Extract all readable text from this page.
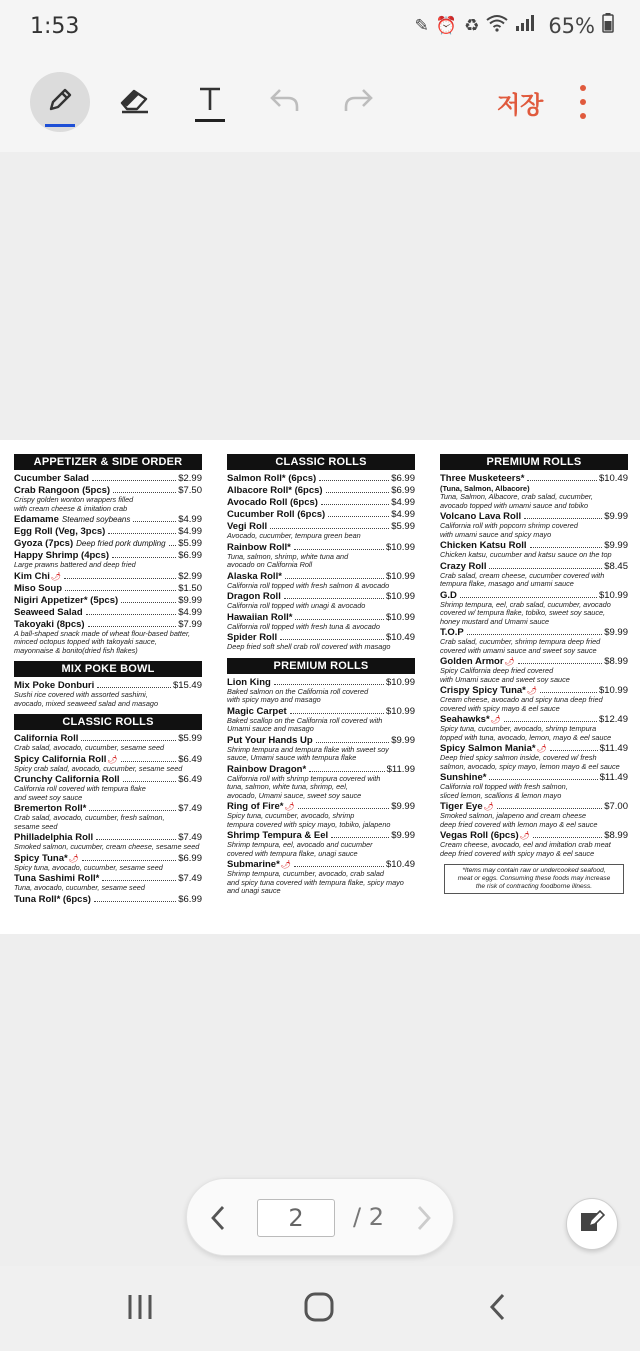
1:53	✎ ⏰ ♻	65%
저장
APPETIZER & SIDE ORDER
Cucumber Salad	$2.99
Crab Rangoon (5pcs)	$7.50
Crispy golden wonton wrappers filled
with cream cheese & imitation crab
Edamame Steamed soybeans	$4.99
Egg Roll (Veg, 3pcs)	$4.99
Gyoza (7pcs) Deep fried pork dumpling $5.99
Happy Shrimp (4pcs)	$6.99
Large prawns battered and deep fried
Kim Chi 🌶	$2.99
Miso Soup	$1.50
Nigiri Appetizer* (5pcs)	$9.99
Seaweed Salad	$4.99
Takoyaki (8pcs)	$7.99
A ball-shaped snack made of wheat flour-based batter,
minced octopus topped with takoyaki sauce,
mayonnaise & bonito(dried fish flakes)
MIX POKE BOWL
Mix Poke Donburi	$15.49
Sushi rice covered with assorted sashimi,
avocado, mixed seaweed salad and masago
CLASSIC ROLLS
California Roll	$5.99
Crab salad, avocado, cucumber, sesame seed
Spicy California Roll 🌶	$6.49
Spicy crab salad, avocado, cucumber, sesame seed
Crunchy California Roll	$6.49
California roll covered with tempura flake
and sweet soy sauce
Bremerton Roll*	$7.49
Crab salad, avocado, cucumber, fresh salmon,
sesame seed
Philladelphia Roll	$7.49
Smoked salmon, cucumber, cream cheese, sesame seed
Spicy Tuna* 🌶	$6.99
Spicy tuna, avocado, cucumber, sesame seed
Tuna Sashimi Roll*	$7.49
Tuna, avocado, cucumber, sesame seed
Tuna Roll* (6pcs)	$6.99
CLASSIC ROLLS
Salmon Roll* (6pcs)	$6.99
Albacore Roll* (6pcs)	$6.99
Avocado Roll (6pcs)	$4.99
Cucumber Roll (6pcs)	$4.99
Vegi Roll	$5.99
Avocado, cucumber, tempura green bean
Rainbow Roll*	$10.99
Tuna, salmon, shrimp, white tuna and
avocado on California Roll
Alaska Roll*	$10.99
California roll topped with fresh salmon & avocado
Dragon Roll	$10.99
California roll topped with unagi & avocado
Hawaiian Roll*	$10.99
California roll topped with fresh tuna & avocado
Spider Roll	$10.49
Deep fried soft shell crab roll covered with masago
PREMIUM ROLLS
Lion King	$10.99
Baked salmon on the California roll covered
with spicy mayo and masago
Magic Carpet	$10.99
Baked scallop on the California roll covered with
Umami sauce and masago
Put Your Hands Up	$9.99
Shrimp tempura and tempura flake with sweet soy
sauce, Umami sauce with tempura flake
Rainbow Dragon*	$11.99
California roll with shrimp tempura covered with
tuna, salmon, white tuna, shrimp, eel,
avocado, Umami sauce, sweet soy sauce
Ring of Fire* 🌶	$9.99
Spicy tuna, cucumber, avocado, shrimp
tempura covered with spicy mayo, tobiko, jalapeno
Shrimp Tempura & Eel	$9.99
Shrimp tempura, eel, avocado and cucumber
covered with tempura flake, unagi sauce
Submarine* 🌶	$10.49
Shrimp tempura, cucumber, avocado, crab salad
and spicy tuna covered with tempura flake, spicy mayo
and unagi sauce
PREMIUM ROLLS
Three Musketeers*	$10.49
(Tuna, Salmon, Albacore)
Tuna, Salmon, Albacore, crab salad, cucumber,
avocado topped with umami sauce and tobiko
Volcano Lava Roll	$9.99
California roll with popcorn shrimp covered
with umami sauce and spicy mayo
Chicken Katsu Roll	$9.99
Chicken katsu, cucumber and katsu sauce on the top
Crazy Roll	$8.45
Crab salad, cream cheese, cucumber covered with
tempura flake, masago and umami sauce
G.D	$10.99
Shrimp tempura, eel, crab salad, cucumber, avocado
covered w/ tempura flake, tobiko, sweet soy sauce,
honey mustard and Umami sauce
T.O.P	$9.99
Crab salad, cucumber, shrimp tempura deep fried
covered with umami sauce and sweet soy sauce
Golden Armor 🌶	$8.99
Spicy California deep fried covered
with Umami sauce and sweet soy sauce
Crispy Spicy Tuna* 🌶	$10.99
Cream cheese, avocado and spicy tuna deep fried
covered with spicy mayo & eel sauce
Seahawks* 🌶	$12.49
Spicy tuna, cucumber, avocado, shrimp tempura
topped with tuna, avocado, lemon, mayo & eel sauce
Spicy Salmon Mania* 🌶	$11.49
Deep fried spicy salmon inside, covered w/ fresh
salmon, avocado, spicy mayo, lemon mayo & eel sauce
Sunshine*	$11.49
California roll topped with fresh salmon,
sliced lemon, scallions & lemon mayo
Tiger Eye 🌶	$7.00
Smoked salmon, jalapeno and cream cheese
deep fried covered with lemon mayo & eel sauce
Vegas Roll (6pcs) 🌶	$8.99
Cream cheese, avocado, eel and imitation crab meat
deep fried covered with spicy mayo & eel sauce
*Items may contain raw or undercooked seafood,
meat or eggs. Consuming these foods may increase
the risk of contracting foodborne illness.
2	/ 2
